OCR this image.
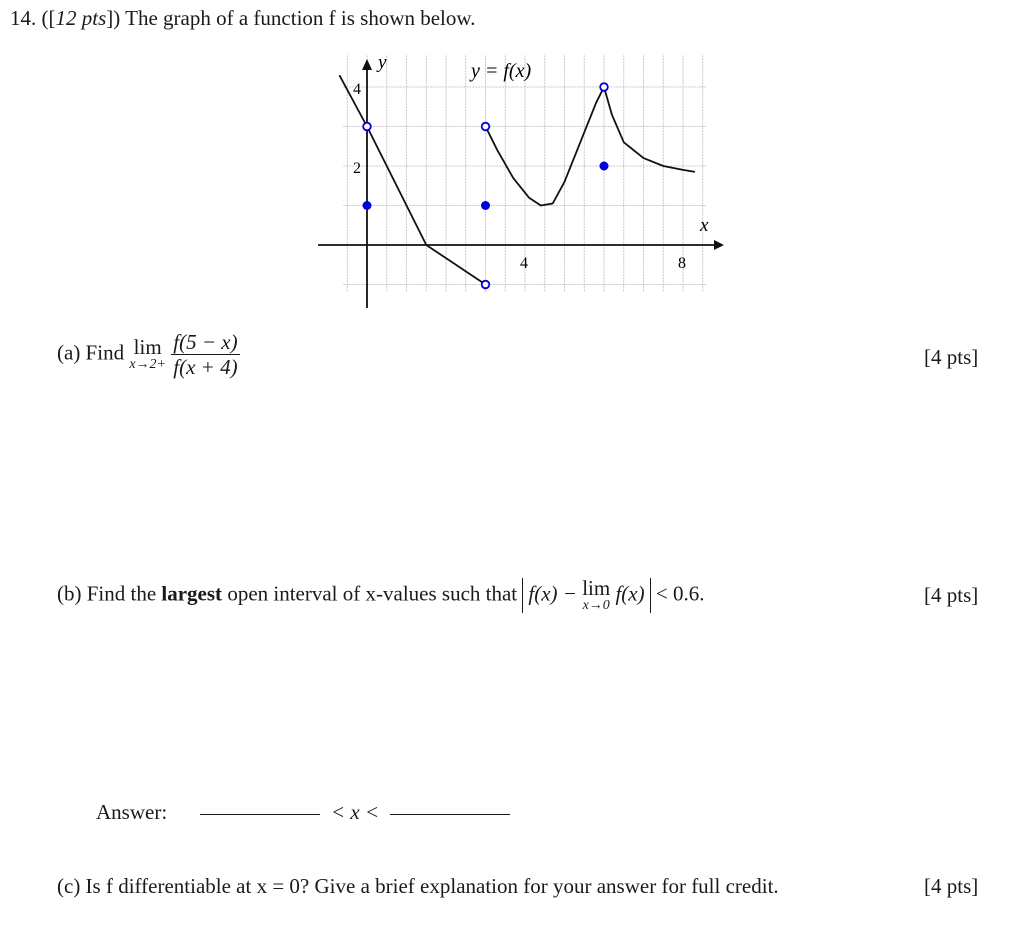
14. ([12 pts]) The graph of a function f is shown below.
x
y	y = f(x)
4	8
2
4
(a) Find lim
x→2+
$\frac{f(5 - x)}{f(x + 4)}$	[4 pts]
(b) Find the largest open interval of x-values such that f(x) − lim
x→0
f(x) < 0.6.	[4 pts]
Answer:	< x <
(c) Is f differentiable at x = 0? Give a brief explanation for your answer for full credit.	[4 pts]
